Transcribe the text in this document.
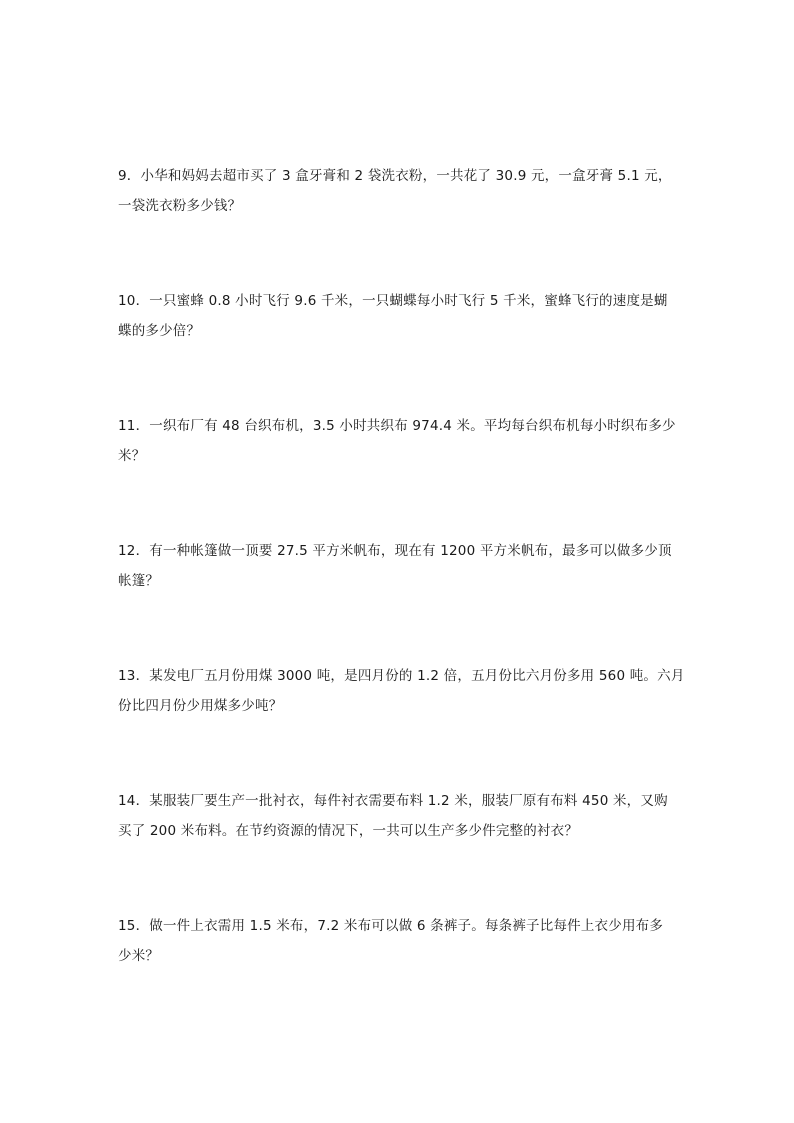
9．小华和妈妈去超市买了 3 盒牙膏和 2 袋洗衣粉，一共花了 30.9 元，一盒牙膏 5.1 元，

一袋洗衣粉多少钱？

10．一只蜜蜂 0.8 小时飞行 9.6 千米，一只蝴蝶每小时飞行 5 千米，蜜蜂飞行的速度是蝴

蝶的多少倍？

11．一织布厂有 48 台织布机，3.5 小时共织布 974.4 米。平均每台织布机每小时织布多少

米？

12．有一种帐篷做一顶要 27.5 平方米帆布，现在有 1200 平方米帆布，最多可以做多少顶

帐篷？

13．某发电厂五月份用煤 3000 吨，是四月份的 1.2 倍，五月份比六月份多用 560 吨。六月

份比四月份少用煤多少吨？

14．某服装厂要生产一批衬衣，每件衬衣需要布料 1.2 米，服装厂原有布料 450 米，又购

买了 200 米布料。在节约资源的情况下，一共可以生产多少件完整的衬衣？

15．做一件上衣需用 1.5 米布，7.2 米布可以做 6 条裤子。每条裤子比每件上衣少用布多

少米？
